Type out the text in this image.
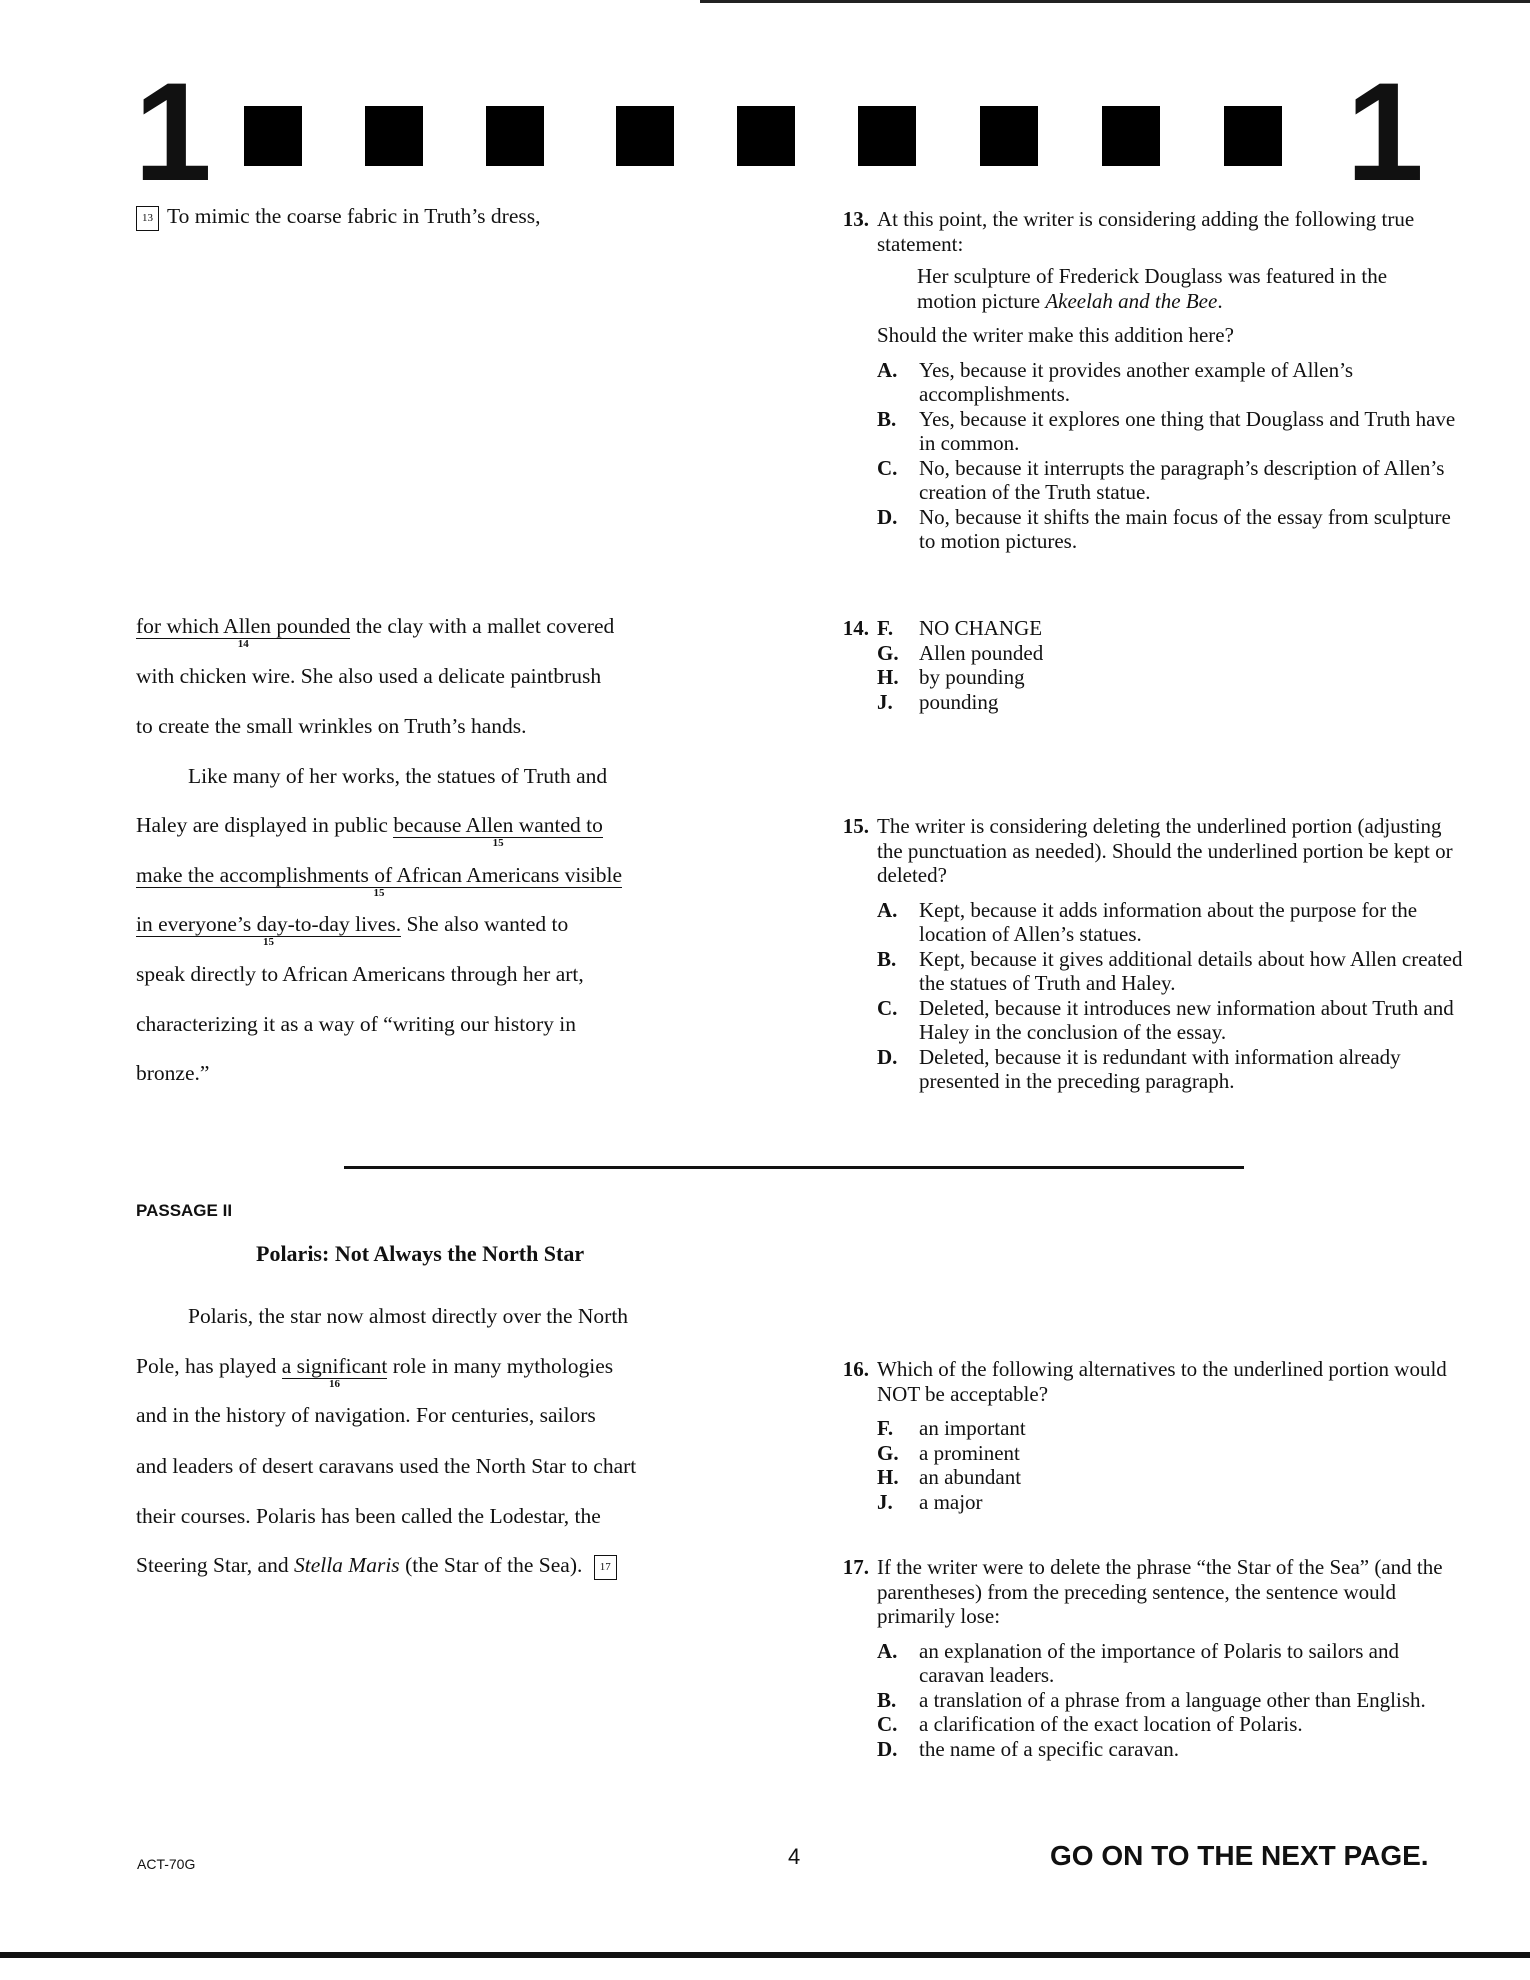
1	1
13 To mimic the coarse fabric in Truth’s dress,
for which Allen pounded
14
the clay with a mallet covered
with chicken wire. She also used a delicate paintbrush
to create the small wrinkles on Truth’s hands.
Like many of her works, the statues of Truth and
Haley are displayed in public because Allen wanted to
15
make the accomplishments of African Americans visible
15
in everyone’s day-to-day lives.
15
She also wanted to
speak directly to African Americans through her art,
characterizing it as a way of “writing our history in
bronze.”
13. At this point, the writer is considering adding the following true statement:
Her sculpture of Frederick Douglass was featured in the motion picture Akeelah and the Bee.
Should the writer make this addition here?
A.	Yes, because it provides another example of Allen’s accomplishments.
B.	Yes, because it explores one thing that Douglass and Truth have in common.
C.	No, because it interrupts the paragraph’s description of Allen’s creation of the Truth statue.
D.	No, because it shifts the main focus of the essay from sculpture to motion pictures.
14. F.	NO CHANGE
G. Allen pounded
H. by pounding
J.	pounding
15. The writer is considering deleting the underlined portion (adjusting the punctuation as needed). Should the underlined portion be kept or deleted?
A.	Kept, because it adds information about the purpose for the location of Allen’s statues.
B.	Kept, because it gives additional details about how Allen created the statues of Truth and Haley.
C.	Deleted, because it introduces new information about Truth and Haley in the conclusion of the essay.
D.	Deleted, because it is redundant with information already presented in the preceding paragraph.
PASSAGE II
Polaris: Not Always the North Star
Polaris, the star now almost directly over the North
Pole, has played a significant
16
role in many mythologies
and in the history of navigation. For centuries, sailors
and leaders of desert caravans used the North Star to chart
their courses. Polaris has been called the Lodestar, the
Steering Star, and Stella Maris (the Star of the Sea). 17
16. Which of the following alternatives to the underlined portion would NOT be acceptable?
F.	an important
G. a prominent
H. an abundant
J.	a major
17. If the writer were to delete the phrase “the Star of the Sea” (and the parentheses) from the preceding sentence, the sentence would primarily lose:
A.	an explanation of the importance of Polaris to sailors and caravan leaders.
B.	a translation of a phrase from a language other than English.
C.	a clarification of the exact location of Polaris.
D.	the name of a specific caravan.
ACT-70G	4	GO ON TO THE NEXT PAGE.
